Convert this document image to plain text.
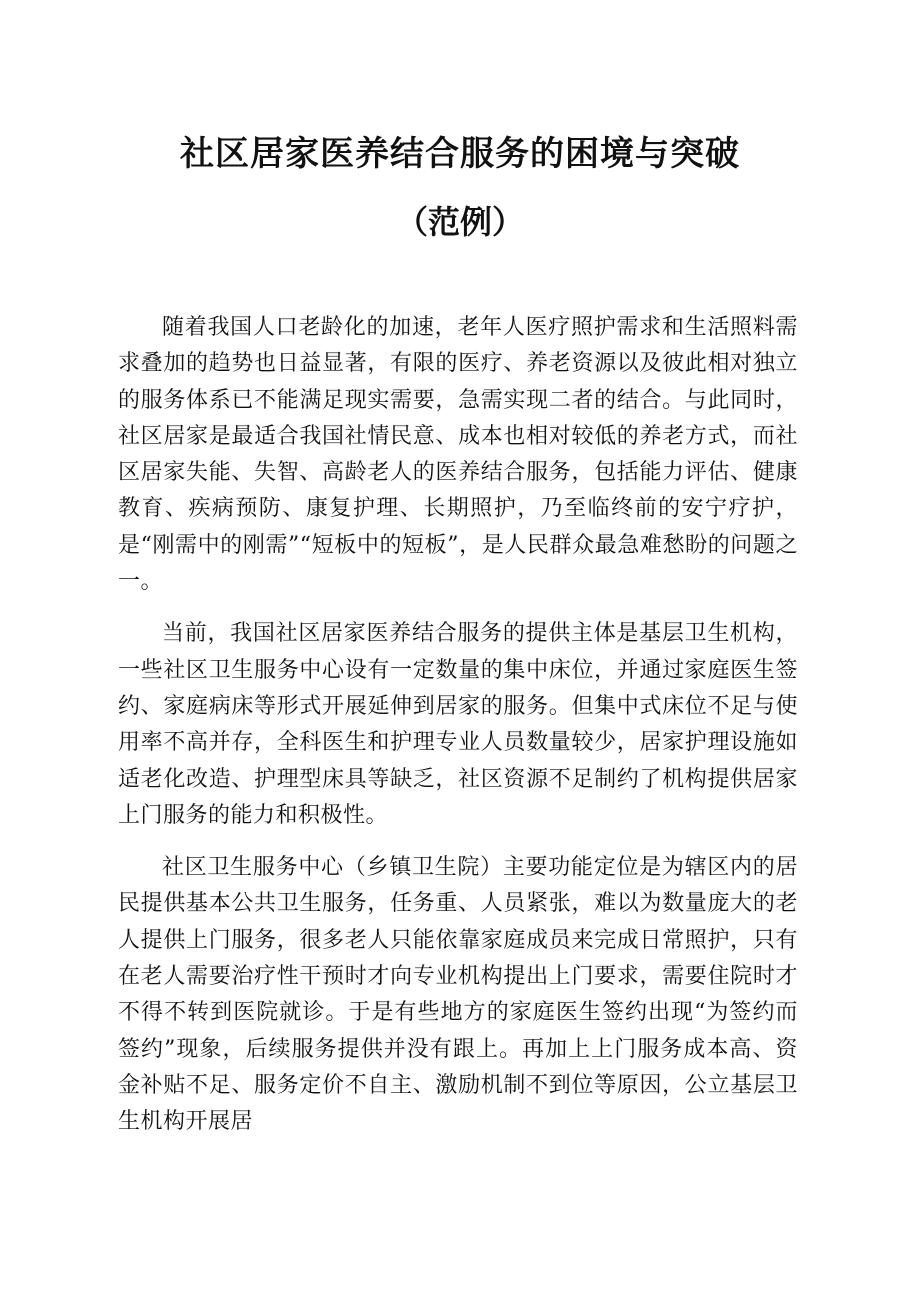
社区居家医养结合服务的困境与突破
（范例）

随着我国人口老龄化的加速，老年人医疗照护需求和生活照料需求叠加的趋势也日益显著，有限的医疗、养老资源以及彼此相对独立的服务体系已不能满足现实需要，急需实现二者的结合。与此同时，社区居家是最适合我国社情民意、成本也相对较低的养老方式，而社区居家失能、失智、高龄老人的医养结合服务，包括能力评估、健康教育、疾病预防、康复护理、长期照护，乃至临终前的安宁疗护，是“刚需中的刚需”“短板中的短板”，是人民群众最急难愁盼的问题之一。

当前，我国社区居家医养结合服务的提供主体是基层卫生机构，一些社区卫生服务中心设有一定数量的集中床位，并通过家庭医生签约、家庭病床等形式开展延伸到居家的服务。但集中式床位不足与使用率不高并存，全科医生和护理专业人员数量较少，居家护理设施如适老化改造、护理型床具等缺乏，社区资源不足制约了机构提供居家上门服务的能力和积极性。

社区卫生服务中心（乡镇卫生院）主要功能定位是为辖区内的居民提供基本公共卫生服务，任务重、人员紧张，难以为数量庞大的老人提供上门服务，很多老人只能依靠家庭成员来完成日常照护，只有在老人需要治疗性干预时才向专业机构提出上门要求，需要住院时才不得不转到医院就诊。于是有些地方的家庭医生签约出现“为签约而签约”现象，后续服务提供并没有跟上。再加上上门服务成本高、资金补贴不足、服务定价不自主、激励机制不到位等原因，公立基层卫生机构开展居
